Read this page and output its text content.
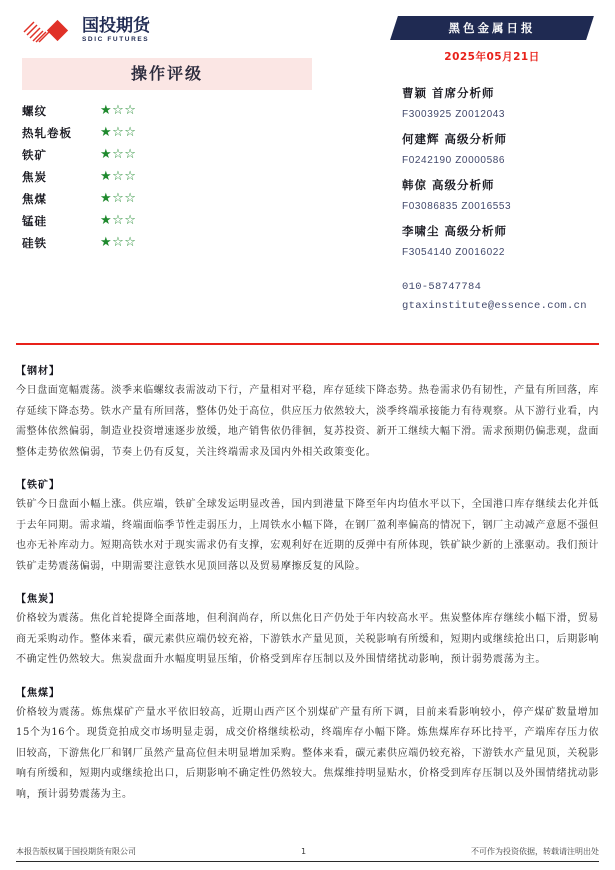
国投期货
SDIC FUTURES
操作评级
螺纹	★☆☆
热轧卷板	★☆☆
铁矿	★☆☆
焦炭	★☆☆
焦煤	★☆☆
锰硅	★☆☆
硅铁	★☆☆
黑色金属日报
2025年05月21日
曹颖 首席分析师
F3003925 Z0012043
何建辉 高级分析师
F0242190 Z0000586
韩倞 高级分析师
F03086835 Z0016553
李啸尘 高级分析师
F3054140 Z0016022
010-58747784
gtaxinstitute@essence.com.cn
【钢材】
今日盘面宽幅震荡。淡季来临螺纹表需波动下行，产量相对平稳，库存延续下降态势。热卷需求仍有韧性，产量有所回落，库存延续下降态势。铁水产量有所回落，整体仍处于高位，供应压力依然较大，淡季终端承接能力有待观察。从下游行业看，内需整体依然偏弱，制造业投资增速逐步放缓，地产销售依仍徘徊，复苏投资、新开工继续大幅下滑。需求预期仍偏悲观，盘面整体走势依然偏弱，节奏上仍有反复，关注终端需求及国内外相关政策变化。
【铁矿】
铁矿今日盘面小幅上涨。供应端，铁矿全球发运明显改善，国内到港量下降至年内均值水平以下，全国港口库存继续去化并低于去年同期。需求端，终端面临季节性走弱压力，上周铁水小幅下降，在钢厂盈利率偏高的情况下，钢厂主动减产意愿不强但也亦无补库动力。短期高铁水对于现实需求仍有支撑，宏观利好在近期的反弹中有所体现，铁矿缺少新的上涨驱动。我们预计铁矿走势震荡偏弱，中期需要注意铁水见顶回落以及贸易摩擦反复的风险。
【焦炭】
价格较为震荡。焦化首轮提降全面落地，但利润尚存，所以焦化日产仍处于年内较高水平。焦炭整体库存继续小幅下滑，贸易商无采购动作。整体来看，碳元素供应端仍较充裕，下游铁水产量见顶，关税影响有所缓和，短期内或继续抢出口，后期影响不确定性仍然较大。焦炭盘面升水幅度明显压缩，价格受到库存压制以及外围情绪扰动影响，预计弱势震荡为主。
【焦煤】
价格较为震荡。炼焦煤矿产量水平依旧较高，近期山西产区个别煤矿产量有所下调，目前来看影响较小，停产煤矿数量增加15个为16个。现货竞拍成交市场明显走弱，成交价格继续松动，终端库存小幅下降。炼焦煤库存环比持平，产端库存压力依旧较高，下游焦化厂和钢厂虽然产量高位但未明显增加采购。整体来看，碳元素供应端仍较充裕，下游铁水产量见顶，关税影响有所缓和，短期内或继续抢出口，后期影响不确定性仍然较大。焦煤维持明显贴水，价格受到库存压制以及外围情绪扰动影响，预计弱势震荡为主。
本报告版权属于国投期货有限公司	1	不可作为投资依据，转载请注明出处
